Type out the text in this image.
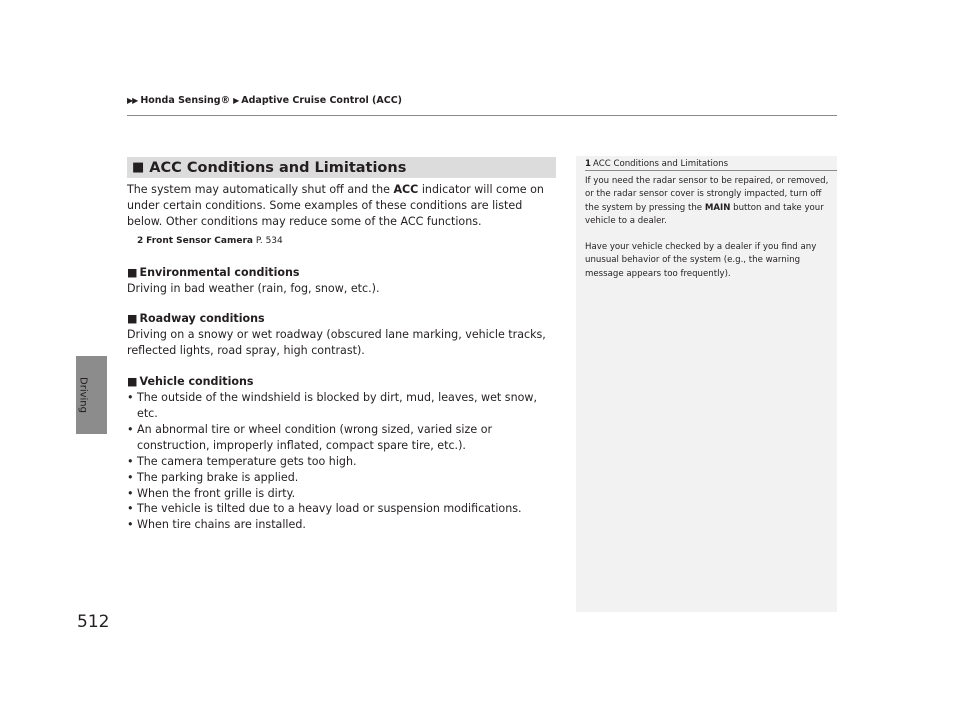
▶▶ Honda Sensing® ▶ Adaptive Cruise Control (ACC)
Driving
512
■ ACC Conditions and Limitations

The system may automatically shut off and the ACC indicator will come on under certain conditions. Some examples of these conditions are listed below. Other conditions may reduce some of the ACC functions.

2 Front Sensor Camera P. 534
■ Environmental conditions

Driving in bad weather (rain, fog, snow, etc.).

■ Roadway conditions

Driving on a snowy or wet roadway (obscured lane marking, vehicle tracks, reflected lights, road spray, high contrast).

■ Vehicle conditions
• The outside of the windshield is blocked by dirt, mud, leaves, wet snow, etc.
• An abnormal tire or wheel condition (wrong sized, varied size or construction, improperly inflated, compact spare tire, etc.).
• The camera temperature gets too high.
• The parking brake is applied.
• When the front grille is dirty.
• The vehicle is tilted due to a heavy load or suspension modifications.
• When tire chains are installed.
1 ACC Conditions and Limitations

If you need the radar sensor to be repaired, or removed, or the radar sensor cover is strongly impacted, turn off the system by pressing the MAIN button and take your vehicle to a dealer.

Have your vehicle checked by a dealer if you find any unusual behavior of the system (e.g., the warning message appears too frequently).
